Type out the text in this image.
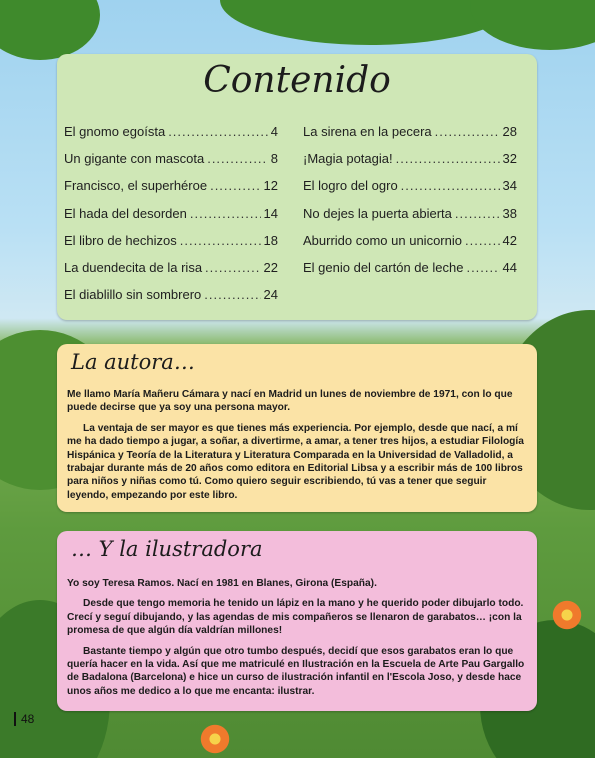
Contenido
El gnomo egoísta .....	4
Un gigante con mascota .....	8
Francisco, el superhéroe .....	12
El hada del desorden .....	14
El libro de hechizos .....	18
La duendecita de la risa .....	22
El diablillo sin sombrero .....	24
La sirena en la pecera .....	28
¡Magia potagia! .....	32
El logro del ogro .....	34
No dejes la puerta abierta .....	38
Aburrido como un unicornio .....	42
El genio del cartón de leche .....	44
La autora…

Me llamo María Mañeru Cámara y nací en Madrid un lunes de noviembre de 1971, con lo que puede decirse que ya soy una persona mayor.

La ventaja de ser mayor es que tienes más experiencia. Por ejemplo, desde que nací, a mí me ha dado tiempo a jugar, a soñar, a divertirme, a amar, a tener tres hijos, a estudiar Filología Hispánica y Teoría de la Literatura y Literatura Comparada en la Universidad de Valladolid, a trabajar durante más de 20 años como editora en Editorial Libsa y a escribir más de 100 libros para niños y niñas como tú. Como quiero seguir escribiendo, tú vas a tener que seguir leyendo, empezando por este libro.

… Y la ilustradora

Yo soy Teresa Ramos. Nací en 1981 en Blanes, Girona (España).

Desde que tengo memoria he tenido un lápiz en la mano y he querido poder dibujarlo todo. Crecí y seguí dibujando, y las agendas de mis compañeros se llenaron de garabatos… ¡con la promesa de que algún día valdrían millones!

Bastante tiempo y algún que otro tumbo después, decidí que esos garabatos eran lo que quería hacer en la vida. Así que me matriculé en Ilustración en la Escuela de Arte Pau Gargallo de Badalona (Barcelona) e hice un curso de ilustración infantil en l'Escola Joso, y desde hace unos años me dedico a lo que me encanta: ilustrar.

48
